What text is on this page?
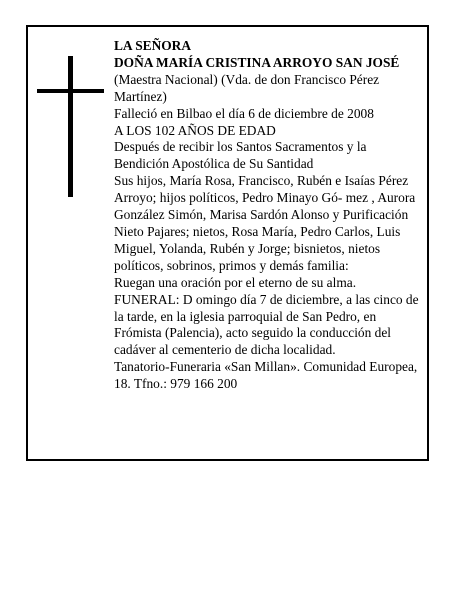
LA SEÑORA

DOÑA MARÍA CRISTINA ARROYO SAN JOSÉ

(Maestra Nacional) (Vda. de don Francisco Pérez Martínez)

Falleció en Bilbao el día 6 de diciembre de 2008

A LOS 102 AÑOS DE EDAD

Después de recibir los Santos Sacramentos y la Bendición Apostólica de Su Santidad

Sus hijos, María Rosa, Francisco, Rubén e Isaías Pérez Arroyo; hijos políticos, Pedro Minayo Gó- mez , Aurora González Simón, Marisa Sardón Alonso y Purificación Nieto Pajares; nietos, Rosa María, Pedro Carlos, Luis Miguel, Yolanda, Rubén y Jorge; bisnietos, nietos políticos, sobrinos, primos y demás familia:

Ruegan una oración por el eterno de su alma.

FUNERAL: D omingo día 7 de diciembre, a las cinco de la tarde, en la iglesia parroquial de San Pedro, en Frómista (Palencia), acto seguido la conducción del cadáver al cementerio de dicha localidad.

Tanatorio-Funeraria «San Millan». Comunidad Europea, 18. Tfno.: 979 166 200
